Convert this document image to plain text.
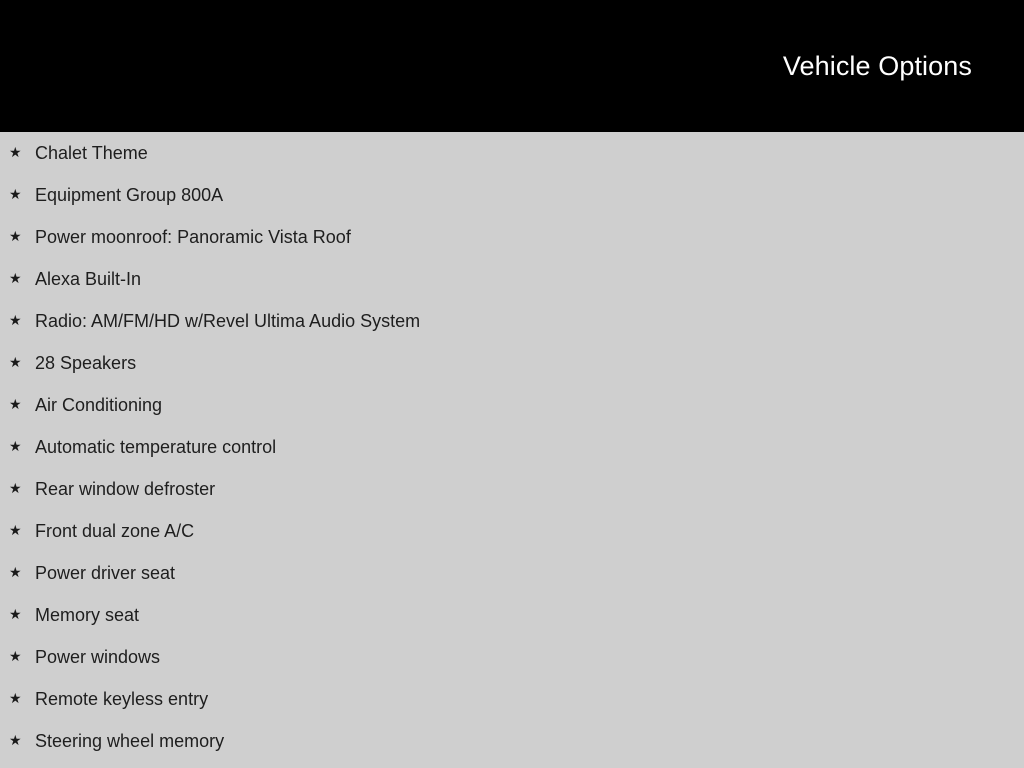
Vehicle Options
★ Chalet Theme
★ Equipment Group 800A
★ Power moonroof: Panoramic Vista Roof
★ Alexa Built-In
★ Radio: AM/FM/HD w/Revel Ultima Audio System
★ 28 Speakers
★ Air Conditioning
★ Automatic temperature control
★ Rear window defroster
★ Front dual zone A/C
★ Power driver seat
★ Memory seat
★ Power windows
★ Remote keyless entry
★ Steering wheel memory
